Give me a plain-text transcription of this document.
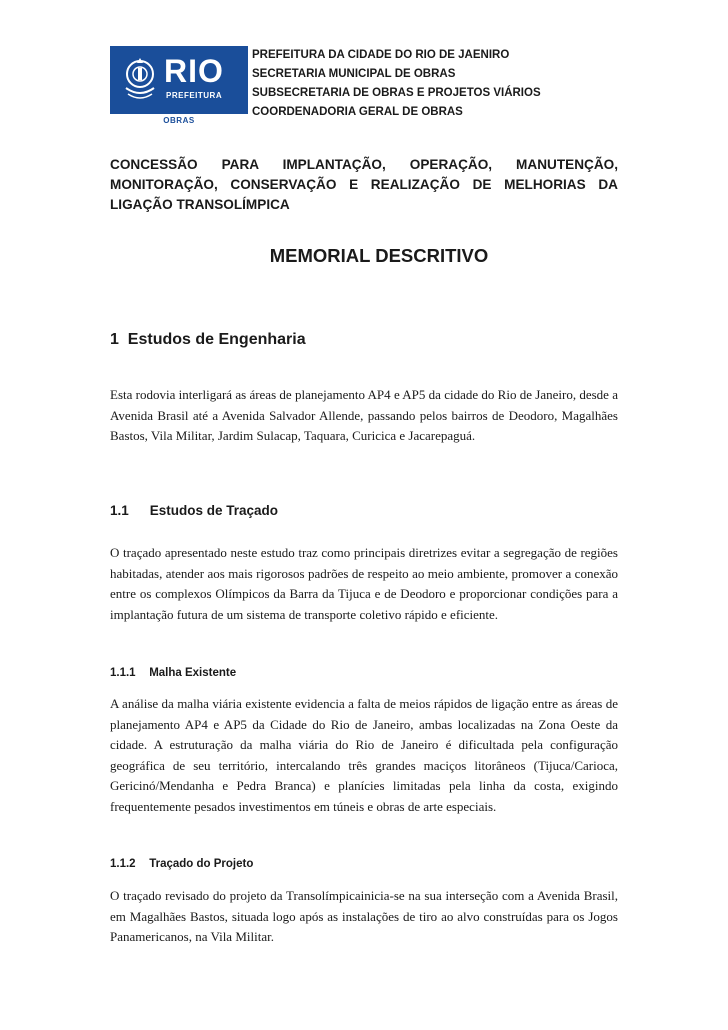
RIO
PREFEITURA
OBRAS
PREFEITURA DA CIDADE DO RIO DE JAENIRO
SECRETARIA MUNICIPAL DE OBRAS
SUBSECRETARIA DE OBRAS E PROJETOS VIÁRIOS
COORDENADORIA GERAL DE OBRAS
CONCESSÃO PARA IMPLANTAÇÃO, OPERAÇÃO, MANUTENÇÃO, MONITORAÇÃO, CONSERVAÇÃO E REALIZAÇÃO DE MELHORIAS DA LIGAÇÃO TRANSOLÍMPICA
MEMORIAL DESCRITIVO
1 Estudos de Engenharia
Esta rodovia interligará as áreas de planejamento AP4 e AP5 da cidade do Rio de Janeiro, desde a Avenida Brasil até a Avenida Salvador Allende, passando pelos bairros de Deodoro, Magalhães Bastos, Vila Militar, Jardim Sulacap, Taquara, Curicica e Jacarepaguá.
1.1 Estudos de Traçado
O traçado apresentado neste estudo traz como principais diretrizes evitar a segregação de regiões habitadas, atender aos mais rigorosos padrões de respeito ao meio ambiente, promover a conexão entre os complexos Olímpicos da Barra da Tijuca e de Deodoro e proporcionar condições para a implantação futura de um sistema de transporte coletivo rápido e eficiente.
1.1.1 Malha Existente
A análise da malha viária existente evidencia a falta de meios rápidos de ligação entre as áreas de planejamento AP4 e AP5 da Cidade do Rio de Janeiro, ambas localizadas na Zona Oeste da cidade. A estruturação da malha viária do Rio de Janeiro é dificultada pela configuração geográfica de seu território, intercalando três grandes maciços litorâneos (Tijuca/Carioca, Gericinó/Mendanha e Pedra Branca) e planícies limitadas pela linha da costa, exigindo frequentemente pesados investimentos em túneis e obras de arte especiais.
1.1.2 Traçado do Projeto
O traçado revisado do projeto da Transolímpicainicia-se na sua interseção com a Avenida Brasil, em Magalhães Bastos, situada logo após as instalações de tiro ao alvo construídas para os Jogos Panamericanos, na Vila Militar.
